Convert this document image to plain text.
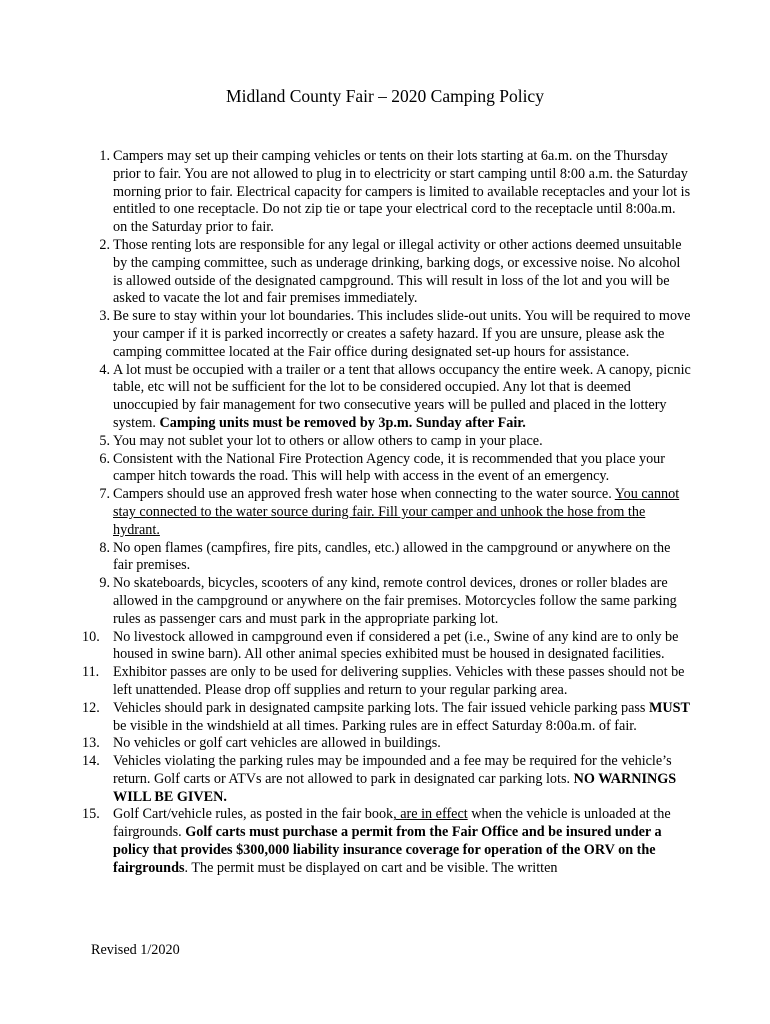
Midland County Fair – 2020 Camping Policy
1. Campers may set up their camping vehicles or tents on their lots starting at 6a.m. on the Thursday prior to fair. You are not allowed to plug in to electricity or start camping until 8:00 a.m. the Saturday morning prior to fair. Electrical capacity for campers is limited to available receptacles and your lot is entitled to one receptacle. Do not zip tie or tape your electrical cord to the receptacle until 8:00a.m. on the Saturday prior to fair.
2. Those renting lots are responsible for any legal or illegal activity or other actions deemed unsuitable by the camping committee, such as underage drinking, barking dogs, or excessive noise. No alcohol is allowed outside of the designated campground. This will result in loss of the lot and you will be asked to vacate the lot and fair premises immediately.
3. Be sure to stay within your lot boundaries. This includes slide-out units. You will be required to move your camper if it is parked incorrectly or creates a safety hazard. If you are unsure, please ask the camping committee located at the Fair office during designated set-up hours for assistance.
4. A lot must be occupied with a trailer or a tent that allows occupancy the entire week. A canopy, picnic table, etc will not be sufficient for the lot to be considered occupied. Any lot that is deemed unoccupied by fair management for two consecutive years will be pulled and placed in the lottery system. Camping units must be removed by 3p.m. Sunday after Fair.
5. You may not sublet your lot to others or allow others to camp in your place.
6. Consistent with the National Fire Protection Agency code, it is recommended that you place your camper hitch towards the road. This will help with access in the event of an emergency.
7. Campers should use an approved fresh water hose when connecting to the water source. You cannot stay connected to the water source during fair. Fill your camper and unhook the hose from the hydrant.
8. No open flames (campfires, fire pits, candles, etc.) allowed in the campground or anywhere on the fair premises.
9. No skateboards, bicycles, scooters of any kind, remote control devices, drones or roller blades are allowed in the campground or anywhere on the fair premises. Motorcycles follow the same parking rules as passenger cars and must park in the appropriate parking lot.
10. No livestock allowed in campground even if considered a pet (i.e., Swine of any kind are to only be housed in swine barn). All other animal species exhibited must be housed in designated facilities.
11. Exhibitor passes are only to be used for delivering supplies. Vehicles with these passes should not be left unattended. Please drop off supplies and return to your regular parking area.
12. Vehicles should park in designated campsite parking lots. The fair issued vehicle parking pass MUST be visible in the windshield at all times. Parking rules are in effect Saturday 8:00a.m. of fair.
13. No vehicles or golf cart vehicles are allowed in buildings.
14. Vehicles violating the parking rules may be impounded and a fee may be required for the vehicle’s return. Golf carts or ATVs are not allowed to park in designated car parking lots. NO WARNINGS WILL BE GIVEN.
15. Golf Cart/vehicle rules, as posted in the fair book, are in effect when the vehicle is unloaded at the fairgrounds. Golf carts must purchase a permit from the Fair Office and be insured under a policy that provides $300,000 liability insurance coverage for operation of the ORV on the fairgrounds. The permit must be displayed on cart and be visible. The written
Revised 1/2020
